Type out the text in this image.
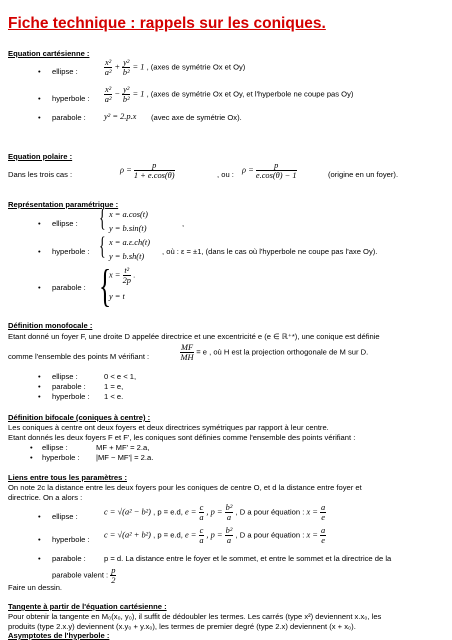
Fiche technique : rappels sur les coniques.
Equation cartésienne :
• ellipse :	$\frac{\text{x²}}{\text{a²}} + \frac{\text{y²}}{\text{b²}} = 1$ , (axes de symétrie Ox et Oy)
• hyperbole : $\frac{\text{x²}}{\text{a²}} - \frac{\text{y²}}{\text{b²}} = 1$ , (axes de symétrie Ox et Oy, et l'hyperbole ne coupe pas Oy)
• parabole : y² = 2.p.x (avec axe de symétrie Ox).
Equation polaire :
Dans les trois cas :	$\rho = \frac{p}{1 + e.\cos(\theta)}$	, ou : $\rho = \frac{p}{e.\cos(\theta) - 1}$	(origine en un foyer).
Représentation paramétrique :
• ellipse : { x = a.cos(t)
y = b.sin(t)
,
• hyperbole : { x = a.ε.ch(t)
y = b.sh(t)
, où : ε = ±1, (dans le cas où l'hyperbole ne coupe pas l'axe Oy).
• parabole : {
$x = \frac{\text{t²}}{2p}$ .
y = t
Définition monofocale :
Etant donné un foyer F, une droite D appelée directrice et une excentricité e (e ∈ ℝ⁺*), une conique est définie
comme l'ensemble des points M vérifiant :	$\frac{MF}{MH} = e$ , où H est la projection orthogonale de M sur D.
• ellipse :	0 < e < 1,
• parabole : 1 = e,
• hyperbole : 1 < e.
Définition bifocale (coniques à centre) :
Les coniques à centre ont deux foyers et deux directrices symétriques par rapport à leur centre.
Etant donnés les deux foyers F et F', les coniques sont définies comme l'ensemble des points vérifiant :
• ellipse :	MF + MF' = 2.a,
• hyperbole : |MF − MF'| = 2.a.
Liens entre tous les paramètres :
On note 2c la distance entre les deux foyers pour les coniques de centre O, et d la distance entre foyer et
directrice. On a alors :
• ellipse :	c = √(a² − b²) , p = e.d, $e = \frac{c}{a}$ , $p = \frac{\text{b²}}{a}$ , D a pour équation : $x = \frac{a}{e}$
• hyperbole : c = √(a² + b²) , p = e.d, $e = \frac{c}{a}$ , $p = \frac{\text{b²}}{a}$ , D a pour équation : $x = \frac{a}{e}$
• parabole : p = d. La distance entre le foyer et le sommet, et entre le sommet et la directrice de la
parabole valent : $\frac{p}{2}$
Faire un dessin.
Tangente à partir de l'équation cartésienne :
Pour obtenir la tangente en M₀(x₀, y₀), il suffit de dédoubler les termes. Les carrés (type x²) deviennent x.x₀, les
produits (type 2.x.y) deviennent (x.y₀ + y.x₀), les termes de premier degré (type 2.x) deviennent (x + x₀).
Asymptotes de l'hyperbole :
